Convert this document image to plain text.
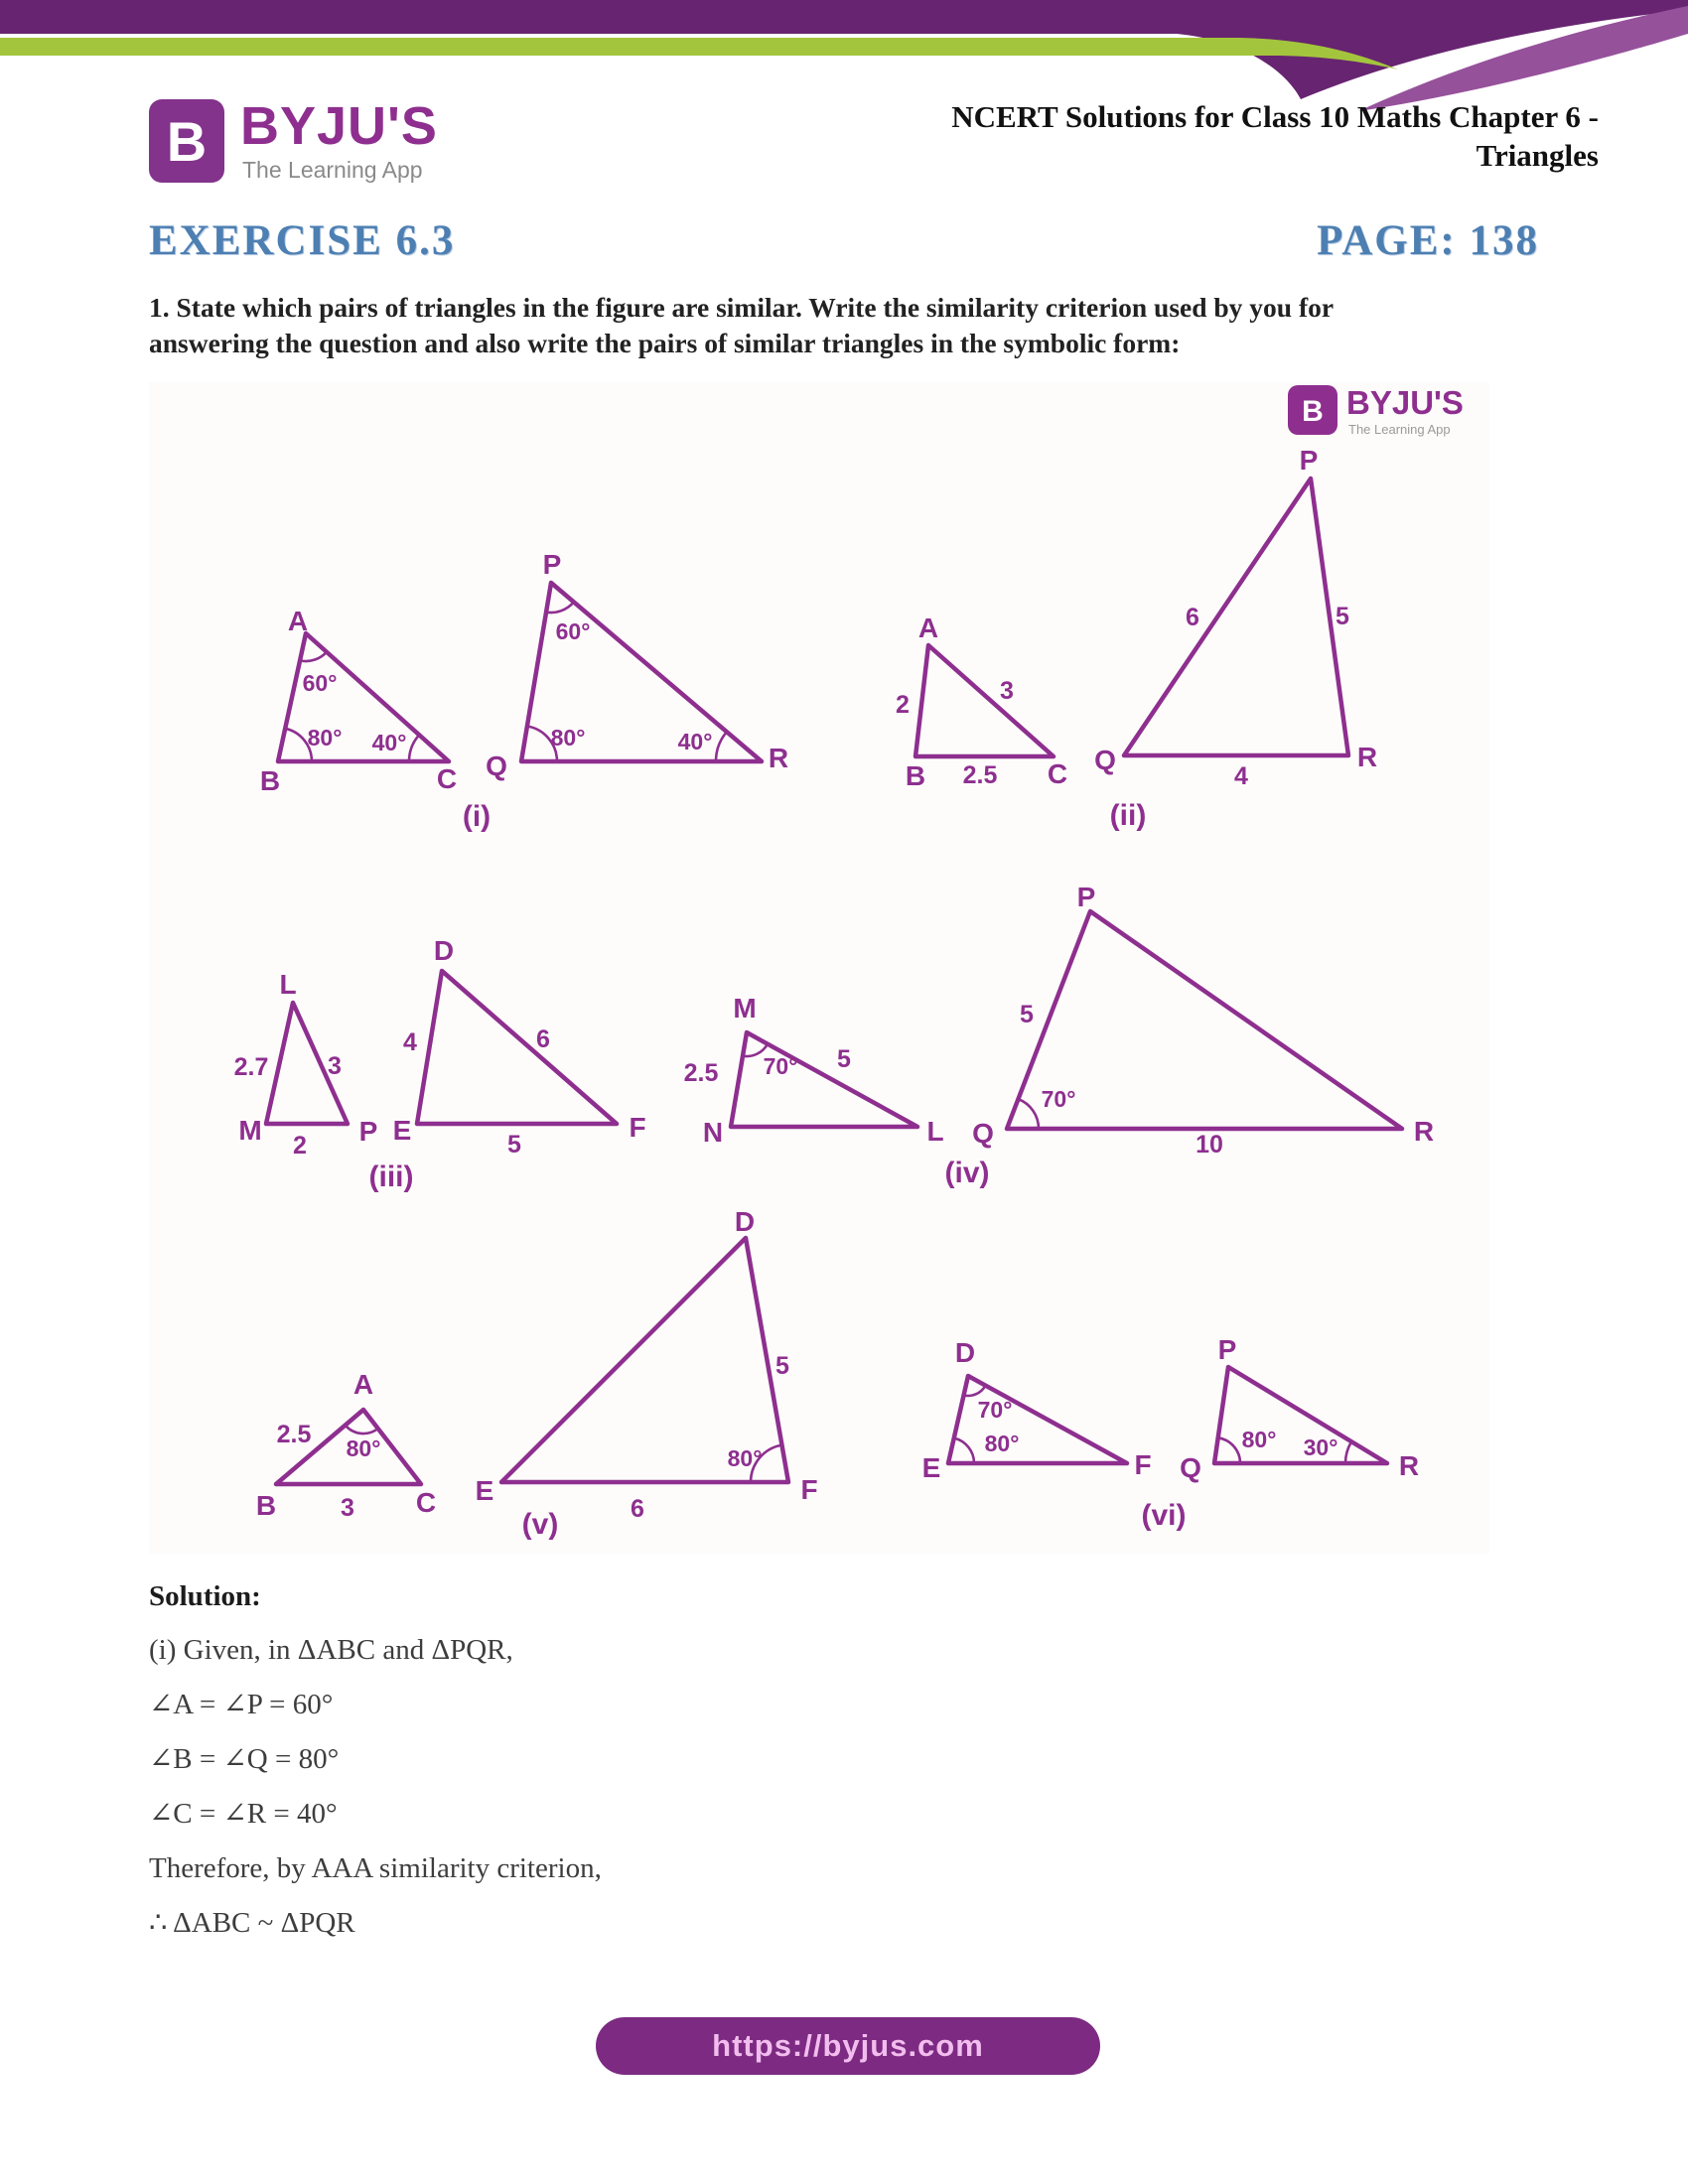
B BYJU'S
The Learning App
NCERT Solutions for Class 10 Maths Chapter 6 -
Triangles
EXERCISE 6.3	PAGE: 138
1. State which pairs of triangles in the figure are similar. Write the similarity criterion used by you for
answering the question and also write the pairs of similar triangles in the symbolic form:
B BYJU'S
The Learning App
A
B	C
60°
80° 40°
P
Q	R
60°
80°	40°
(i)
A
B	C
2	3
2.5
P
Q	R
6	5
4
(ii)
L
M	P
2.7 3
2
D
E	F
4	6
5
(iii)
M
N	L
70°
2.5	5
P
Q	R
70°
5
10
(iv)
A
B	C
80°
2.5
3
D
E	F
80°
5
6
(v)
D
E	F
70°
80°
P
Q	R
80° 30°
(vi)
Solution:

(i) Given, in ΔABC and ΔPQR,

∠A = ∠P = 60°

∠B = ∠Q = 80°

∠C = ∠R = 40°

Therefore, by AAA similarity criterion,

∴ ΔABC ~ ΔPQR

https://byjus.com
